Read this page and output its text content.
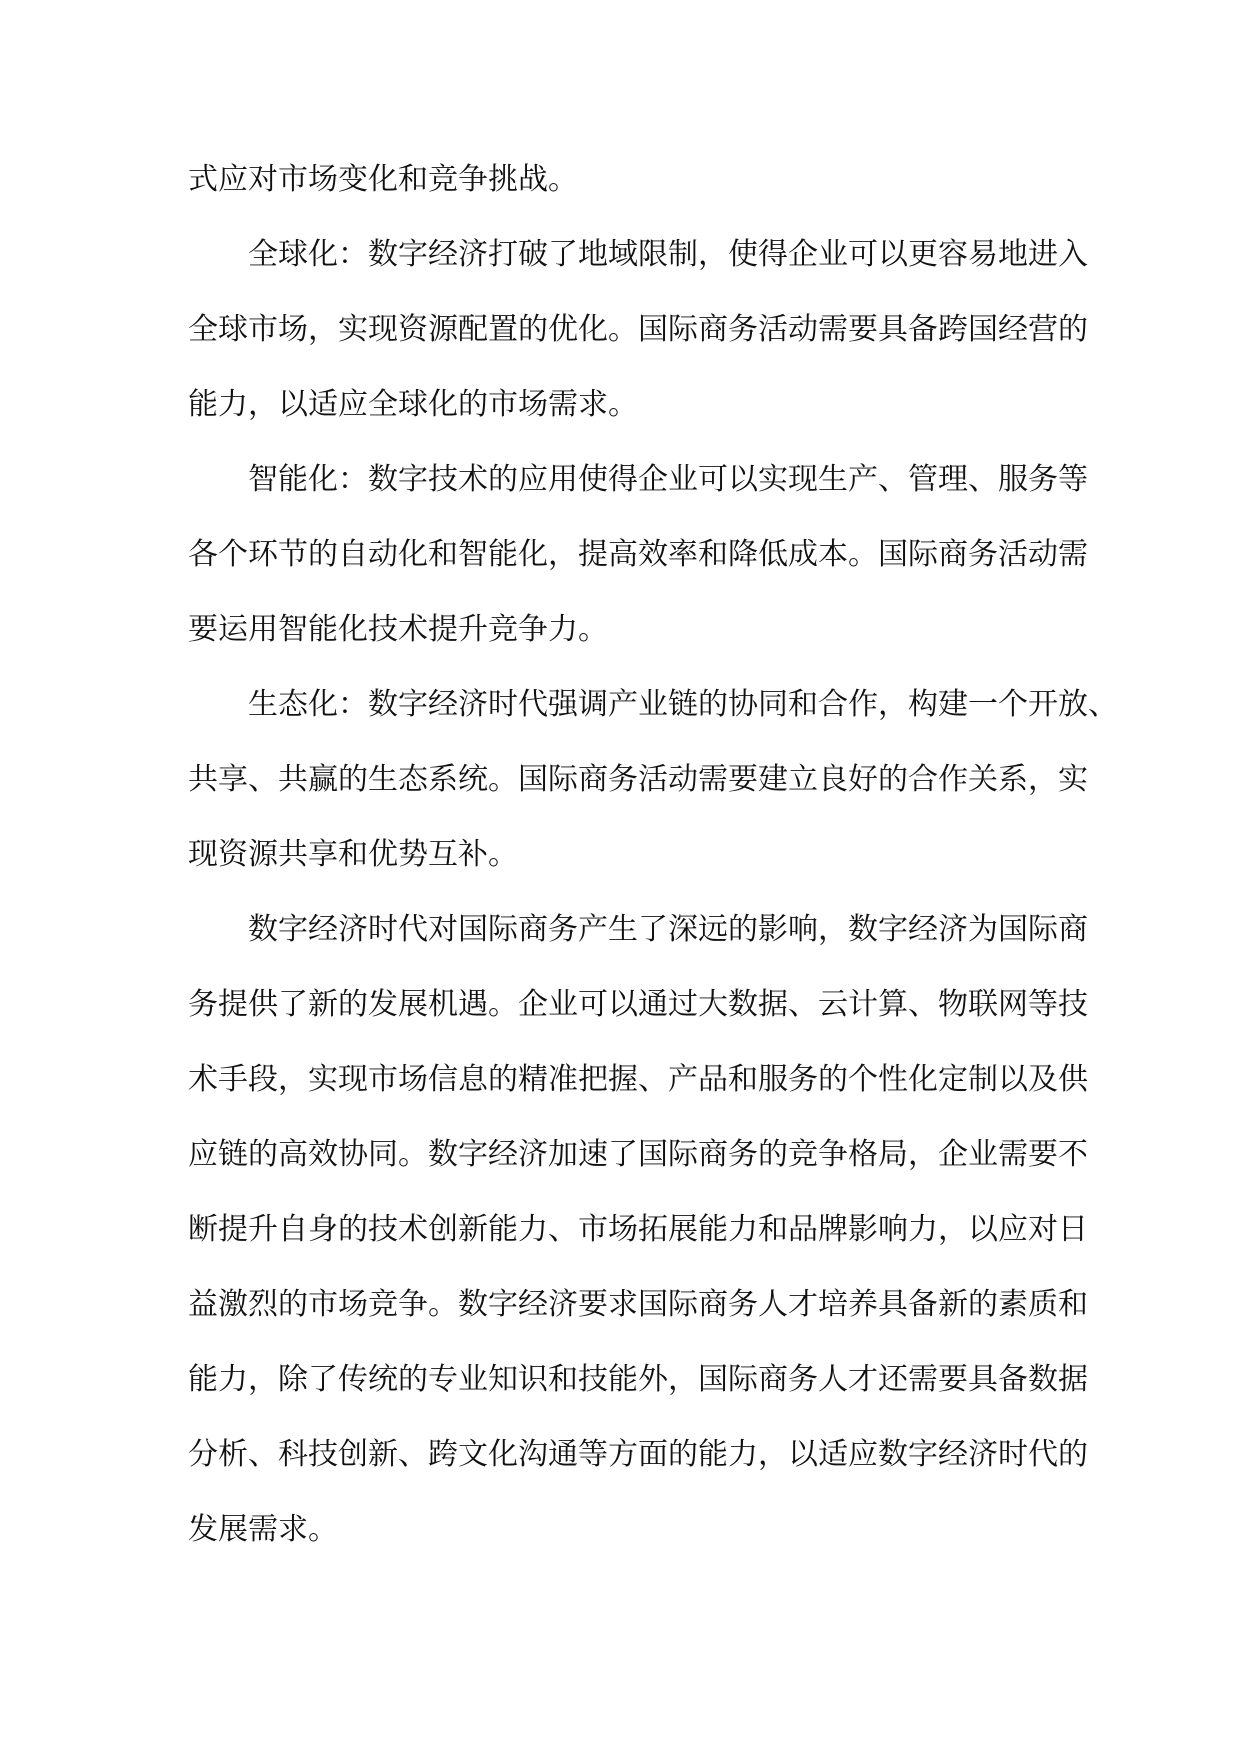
式应对市场变化和竞争挑战。

全球化：数字经济打破了地域限制，使得企业可以更容易地进入
全球市场，实现资源配置的优化。国际商务活动需要具备跨国经营的
能力，以适应全球化的市场需求。

智能化：数字技术的应用使得企业可以实现生产、管理、服务等
各个环节的自动化和智能化，提高效率和降低成本。国际商务活动需
要运用智能化技术提升竞争力。

生态化：数字经济时代强调产业链的协同和合作，构建一个开放、
共享、共赢的生态系统。国际商务活动需要建立良好的合作关系，实
现资源共享和优势互补。

数字经济时代对国际商务产生了深远的影响，数字经济为国际商
务提供了新的发展机遇。企业可以通过大数据、云计算、物联网等技
术手段，实现市场信息的精准把握、产品和服务的个性化定制以及供
应链的高效协同。数字经济加速了国际商务的竞争格局，企业需要不
断提升自身的技术创新能力、市场拓展能力和品牌影响力，以应对日
益激烈的市场竞争。数字经济要求国际商务人才培养具备新的素质和
能力，除了传统的专业知识和技能外，国际商务人才还需要具备数据
分析、科技创新、跨文化沟通等方面的能力，以适应数字经济时代的
发展需求。
